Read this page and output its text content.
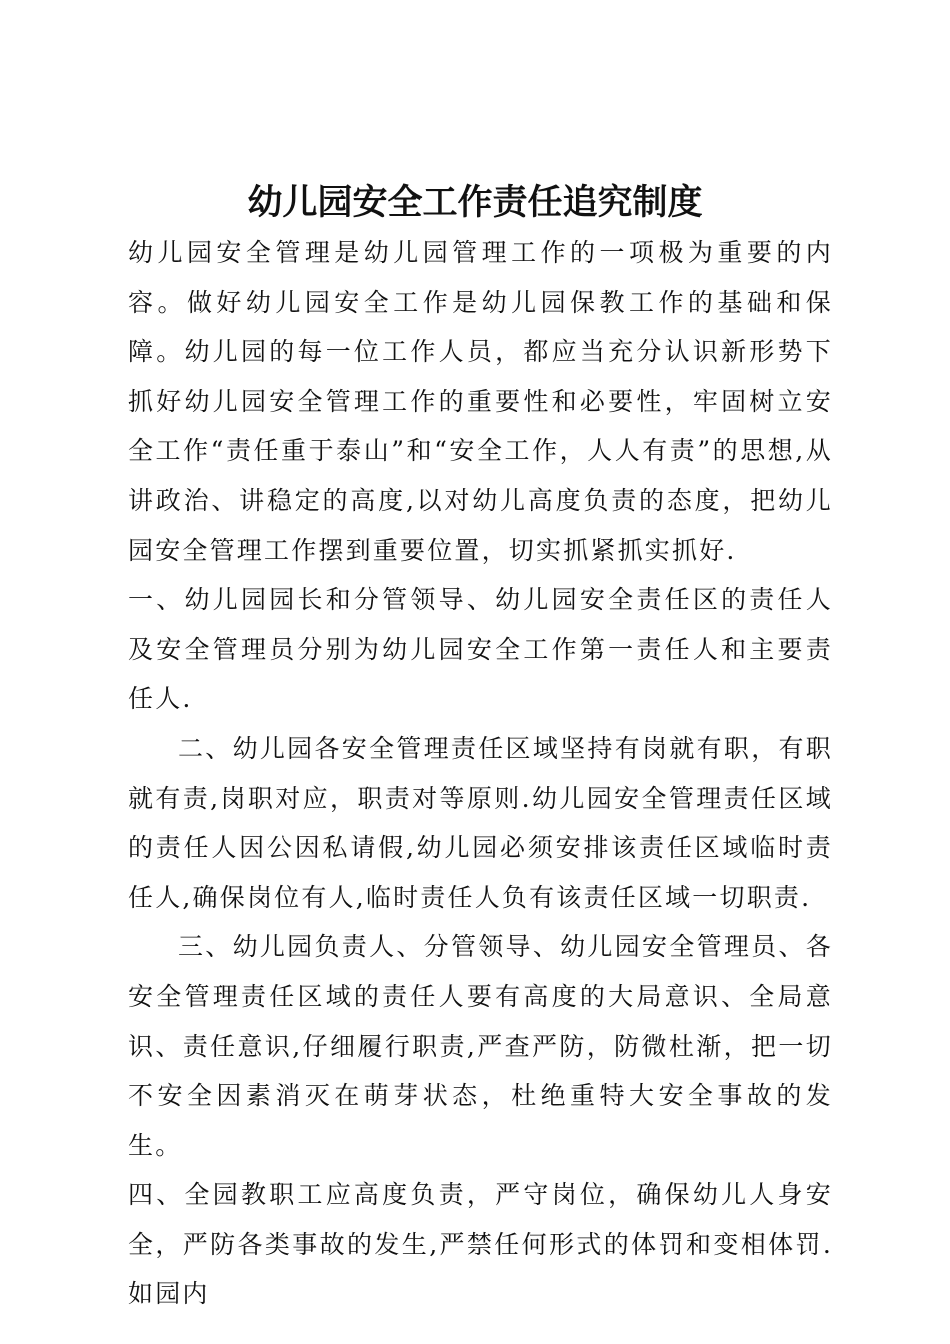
幼儿园安全工作责任追究制度

幼儿园安全管理是幼儿园管理工作的一项极为重要的内容。做好幼儿园安全工作是幼儿园保教工作的基础和保障。幼儿园的每一位工作人员，都应当充分认识新形势下抓好幼儿园安全管理工作的重要性和必要性，牢固树立安全工作“责任重于泰山”和“安全工作，人人有责”的思想,从讲政治、讲稳定的高度,以对幼儿高度负责的态度，把幼儿园安全管理工作摆到重要位置，切实抓紧抓实抓好.

一、幼儿园园长和分管领导、幼儿园安全责任区的责任人及安全管理员分别为幼儿园安全工作第一责任人和主要责任人.

二、幼儿园各安全管理责任区域坚持有岗就有职，有职就有责,岗职对应，职责对等原则.幼儿园安全管理责任区域的责任人因公因私请假,幼儿园必须安排该责任区域临时责任人,确保岗位有人,临时责任人负有该责任区域一切职责.

三、幼儿园负责人、分管领导、幼儿园安全管理员、各安全管理责任区域的责任人要有高度的大局意识、全局意识、责任意识,仔细履行职责,严查严防，防微杜渐，把一切不安全因素消灭在萌芽状态，杜绝重特大安全事故的发生。

四、全园教职工应高度负责，严守岗位，确保幼儿人身安全，严防各类事故的发生,严禁任何形式的体罚和变相体罚.如园内
